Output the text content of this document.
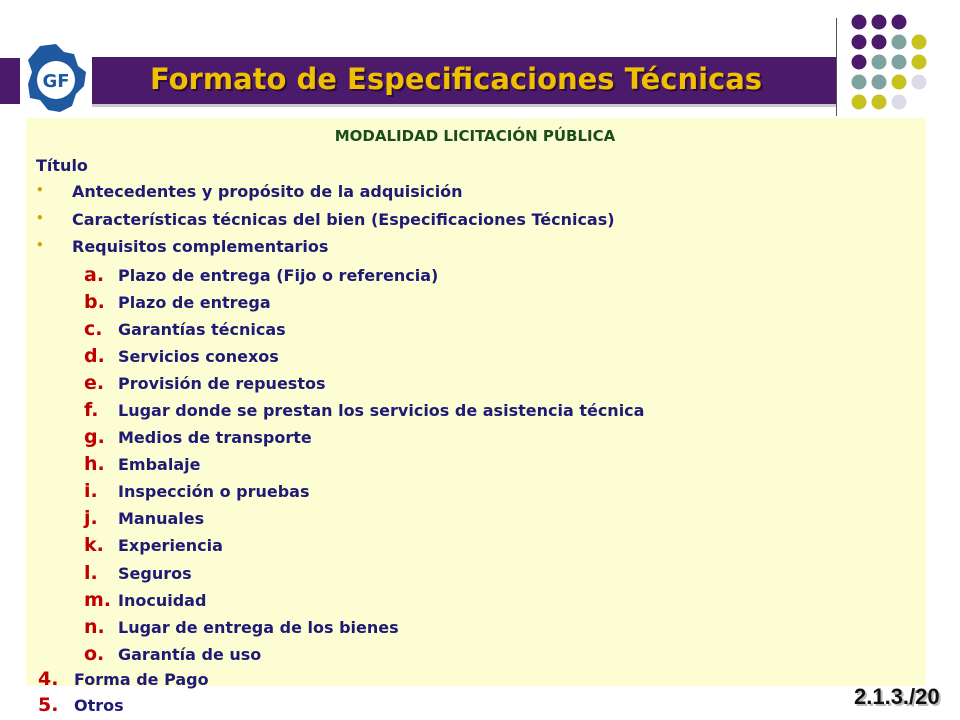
GF	Formato de Especificaciones Técnicas
MODALIDAD LICITACIÓN PÚBLICA
Título
• Antecedentes y propósito de la adquisición
• Características técnicas del bien (Especificaciones Técnicas)
• Requisitos complementarios
a. Plazo de entrega (Fijo o referencia)
b. Plazo de entrega
c. Garantías técnicas
d. Servicios conexos
e. Provisión de repuestos
f. Lugar donde se prestan los servicios de asistencia técnica
g. Medios de transporte
h. Embalaje
i. Inspección o pruebas
j. Manuales
k. Experiencia
l. Seguros
m. Inocuidad
n. Lugar de entrega de los bienes
o. Garantía de uso
4. Forma de Pago
5. Otros	2.1.3./20
